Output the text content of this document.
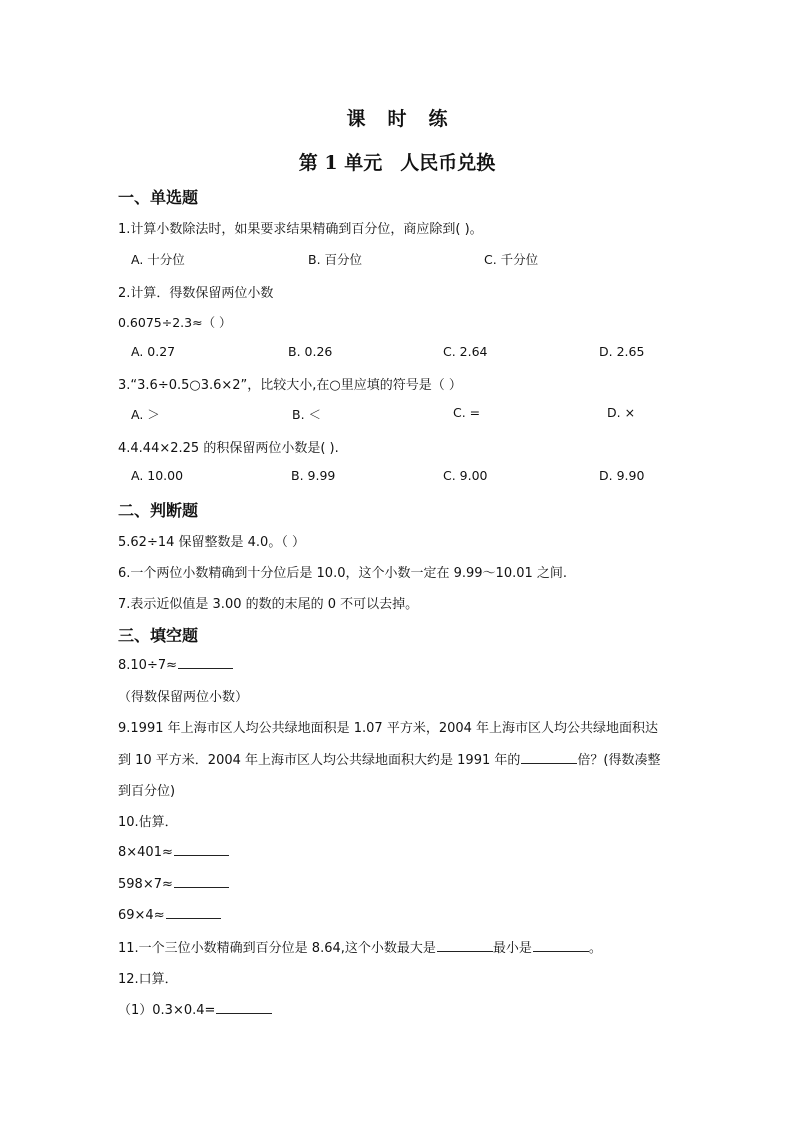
课 时 练
第 1 单元 人民币兑换
一、单选题
1.计算小数除法时，如果要求结果精确到百分位，商应除到( )。
A. 十分位	B. 百分位	C. 千分位
2.计算．得数保留两位小数
0.6075÷2.3≈（ ）
A. 0.27	B. 0.26	C. 2.64	D. 2.65
3.“3.6÷0.5○3.6×2”，比较大小,在○里应填的符号是（ ）
A. ＞	B. ＜	C. =	D. ×
4.4.44×2.25 的积保留两位小数是( ).
A. 10.00	B. 9.99	C. 9.00	D. 9.90
二、判断题
5.62÷14 保留整数是 4.0。（ ）
6.一个两位小数精确到十分位后是 10.0，这个小数一定在 9.99～10.01 之间.
7.表示近似值是 3.00 的数的末尾的 0 不可以去掉。
三、填空题
8.10÷7≈
（得数保留两位小数）
9.1991 年上海市区人均公共绿地面积是 1.07 平方米，2004 年上海市区人均公共绿地面积达
到 10 平方米．2004 年上海市区人均公共绿地面积大约是 1991 年的	倍？(得数凑整
到百分位)
10.估算．
8×401≈
598×7≈
69×4≈
11.一个三位小数精确到百分位是 8.64,这个小数最大是	最小是	。
12.口算．
（1）0.3×0.4=
